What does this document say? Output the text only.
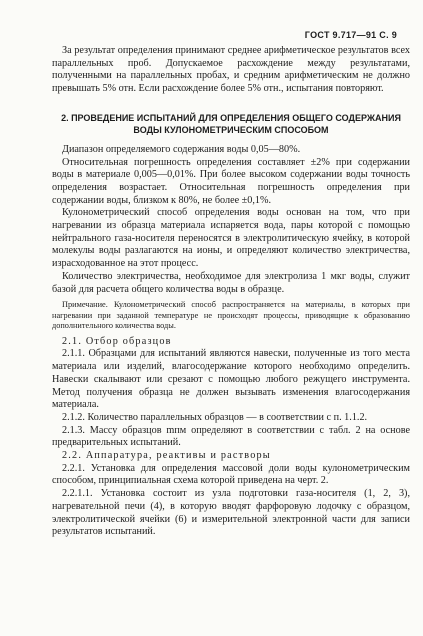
ГОСТ 9.717—91 С. 9

За результат определения принимают среднее арифметическое результатов всех параллельных проб. Допускаемое расхождение между результатами, полученными на параллельных пробах, и средним арифметическим не должно превышать 5% отн. Если расхождение более 5% отн., испытания повторяют.

2. ПРОВЕДЕНИЕ ИСПЫТАНИЙ ДЛЯ ОПРЕДЕЛЕНИЯ ОБЩЕГО СОДЕРЖАНИЯ ВОДЫ КУЛОНОМЕТРИЧЕСКИМ СПОСОБОМ

Диапазон определяемого содержания воды 0,05—80%.

Относительная погрешность определения составляет ±2% при содержании воды в материале 0,005—0,01%. При более высоком содержании воды точность определения возрастает. Относительная погрешность определения при содержании воды, близком к 80%, не более ±0,1%.

Кулонометрический способ определения воды основан на том, что при нагревании из образца материала испаряется вода, пары которой с помощью нейтрального газа-носителя переносятся в электролитическую ячейку, в которой молекулы воды разлагаются на ионы, и определяют количество электричества, израсходованное на этот процесс.

Количество электричества, необходимое для электролиза 1 мкг воды, служит базой для расчета общего количества воды в образце.

Примечание. Кулонометрический способ распространяется на материалы, в которых при нагревании при заданной температуре не происходят процессы, приводящие к образованию дополнительного количества воды.

2.1. Отбор образцов

2.1.1. Образцами для испытаний являются навески, полученные из того места материала или изделий, влагосодержание которого необходимо определить. Навески скалывают или срезают с помощью любого режущего инструмента. Метод получения образца не должен вызывать изменения влагосодержания материала.

2.1.2. Количество параллельных образцов — в соответствии с п. 1.1.2.

2.1.3. Массу образцов mпм определяют в соответствии с табл. 2 на основе предварительных испытаний.

2.2. Аппаратура, реактивы и растворы

2.2.1. Установка для определения массовой доли воды кулонометрическим способом, принципиальная схема которой приведена на черт. 2.

2.2.1.1. Установка состоит из узла подготовки газа-носителя (1, 2, 3), нагревательной печи (4), в которую вводят фарфоровую лодочку с образцом, электролитической ячейки (6) и измерительной электронной части для записи результатов испытаний.
